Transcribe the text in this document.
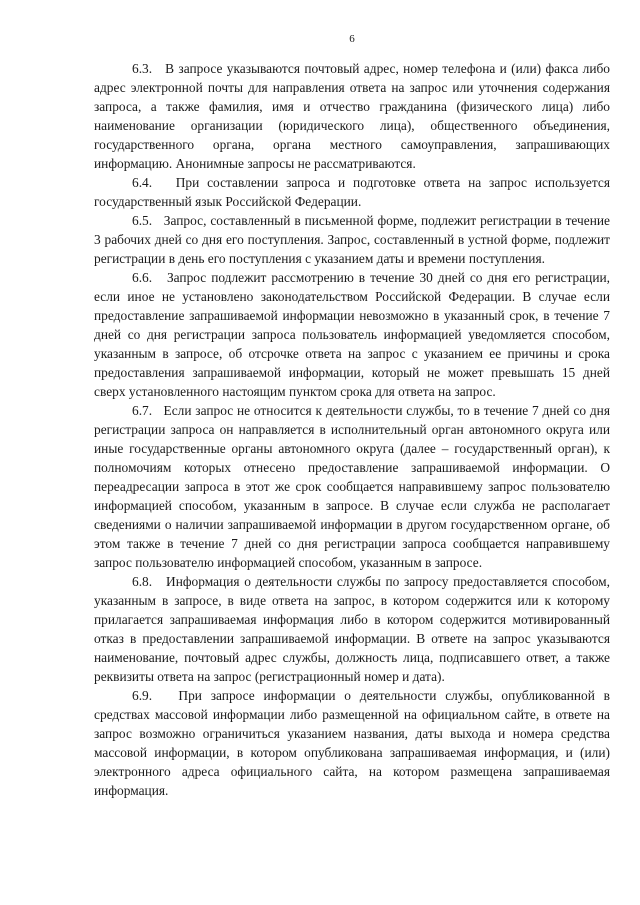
6

6.3.   В запросе указываются почтовый адрес, номер телефона и (или) факса либо адрес электронной почты для направления ответа на запрос или уточнения содержания запроса, а также фамилия, имя и отчество гражданина (физического лица) либо наименование организации (юридического лица), общественного объединения, государственного органа, органа местного самоуправления, запрашивающих информацию. Анонимные запросы не рассматриваются.

6.4.   При составлении запроса и подготовке ответа на запрос используется государственный язык Российской Федерации.

6.5.   Запрос, составленный в письменной форме, подлежит регистрации в течение 3 рабочих дней со дня его поступления. Запрос, составленный в устной форме, подлежит регистрации в день его поступления с указанием даты и времени поступления.

6.6.   Запрос подлежит рассмотрению в течение 30 дней со дня его регистрации, если иное не установлено законодательством Российской Федерации. В случае если предоставление запрашиваемой информации невозможно в указанный срок, в течение 7 дней со дня регистрации запроса пользователь информацией уведомляется способом, указанным в запросе, об отсрочке ответа на запрос с указанием ее причины и срока предоставления запрашиваемой информации, который не может превышать 15 дней сверх установленного настоящим пунктом срока для ответа на запрос.

6.7.   Если запрос не относится к деятельности службы, то в течение 7 дней со дня регистрации запроса он направляется в исполнительный орган автономного округа или иные государственные органы автономного округа (далее – государственный орган), к полномочиям которых отнесено предоставление запрашиваемой информации. О переадресации запроса в этот же срок сообщается направившему запрос пользователю информацией способом, указанным в запросе. В случае если служба не располагает сведениями о наличии запрашиваемой информации в другом государственном органе, об этом также в течение 7 дней со дня регистрации запроса сообщается направившему запрос пользователю информацией способом, указанным в запросе.

6.8.   Информация о деятельности службы по запросу предоставляется способом, указанным в запросе, в виде ответа на запрос, в котором содержится или к которому прилагается запрашиваемая информация либо в котором содержится мотивированный отказ в предоставлении запрашиваемой информации. В ответе на запрос указываются наименование, почтовый адрес службы, должность лица, подписавшего ответ, а также реквизиты ответа на запрос (регистрационный номер и дата).

6.9.   При запросе информации о деятельности службы, опубликованной в средствах массовой информации либо размещенной на официальном сайте, в ответе на запрос возможно ограничиться указанием названия, даты выхода и номера средства массовой информации, в котором опубликована запрашиваемая информация, и (или) электронного адреса официального сайта, на котором размещена запрашиваемая информация.
